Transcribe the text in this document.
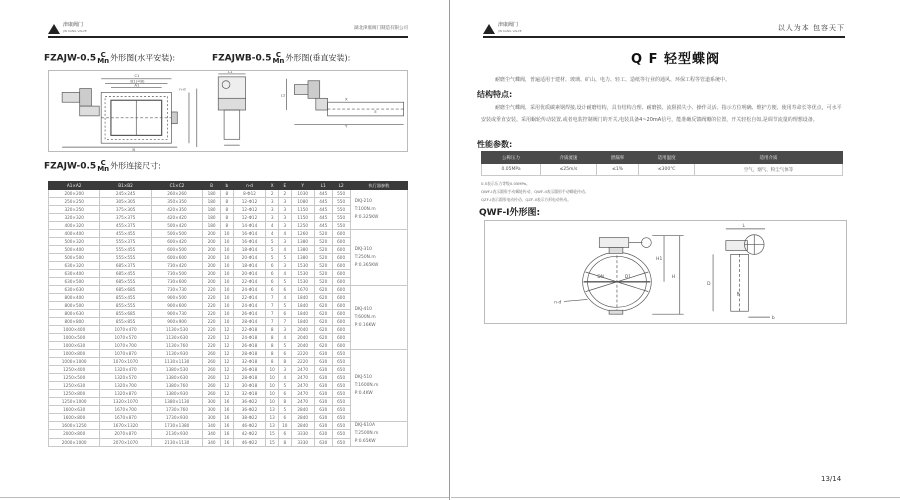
津康阀门
JIN KANG VALVE	湖北津康阀门制造有限公司
FZAJW-0.5 C
Mn 外形图(水平安装):	FZAJWB-0.5 C
Mn 外形图(垂直安装):
C1
B1(∞B)
A1
n-d
B
L1
L2
Y
X
E
FZAJW-0.5 C
Mn 外形连接尺寸:
A1×A2	B1×B2	C1×C2	B	b	n-d	X	E	Y	L1	L2	执行器参数
200×200	245×245	260×260	180	8	8-Φ12	2	2	1030	445	550	DKJ-210
T:100N.m
P:0.325KW

250×250	305×305	350×350	180	8	12-Φ12	3	3	1080	445	550	
320×250	375×305	420×350	180	8	12-Φ12	3	3	1150	445	550	
320×320	375×375	420×420	180	8	12-Φ12	3	3	1150	445	550	
400×320	455×375	500×420	180	8	14-Φ14	4	3	1250	445	550	
400×400	455×455	500×500	200	10	16-Φ14	4	4	1260	520	600	DKJ-310
T:250N.m
P:0.365KW

500×320	555×375	600×420	200	10	16-Φ14	5	3	1380	520	600	
500×400	555×455	600×500	200	10	18-Φ14	5	4	1380	520	600	
500×500	555×555	600×600	200	10	20-Φ14	5	5	1380	520	600	
630×320	685×375	730×420	200	10	18-Φ14	6	3	1530	520	600	
630×400	685×455	730×500	200	10	20-Φ14	6	4	1530	520	600	
630×500	685×555	730×600	200	10	22-Φ14	6	5	1530	520	600	
630×630	685×685	730×730	220	10	24-Φ14	6	6	1670	620	600	DKJ-410
T:600N.m
P:0.16KW

800×400	855×455	900×500	220	10	22-Φ14	7	4	1840	620	600	
800×500	855×555	900×600	220	10	24-Φ14	7	5	1840	620	600	
800×630	855×685	900×730	220	10	26-Φ14	7	6	1840	620	600	
800×800	855×855	900×900	220	10	28-Φ14	7	7	1840	620	600	
1000×400	1070×470	1130×530	220	12	22-Φ18	8	3	2040	620	600	
1000×500	1070×570	1130×630	220	12	24-Φ18	8	4	2040	620	600	
1000×630	1070×700	1130×760	220	12	26-Φ18	8	5	2040	620	600	
1000×800	1070×870	1130×930	260	12	28-Φ18	8	6	2220	630	650	DKJ-510
T:1600N.m
P:0.4KW

1000×1000	1070×1070	1130×1130	260	12	32-Φ18	8	8	2220	630	650	
1250×400	1320×470	1380×530	260	12	26-Φ18	10	3	2470	630	650	
1250×500	1320×570	1380×630	260	12	28-Φ18	10	4	2470	630	650	
1250×630	1320×700	1380×760	260	12	30-Φ18	10	5	2470	630	650	
1250×800	1320×870	1380×930	260	12	32-Φ18	10	6	2470	630	650	
1250×1000	1320×1070	1380×1130	300	16	36-Φ22	10	8	2470	630	650	
1600×630	1670×700	1730×760	300	16	36-Φ22	13	5	2840	630	650	
1600×800	1670×870	1730×930	300	16	38-Φ22	13	6	2840	630	650	
1600×1250	1670×1320	1730×1380	340	16	46-Φ22	13	10	2840	630	650	DKJ-610A
T:2500N.m
P:0.65KW

2000×800	2070×870	2130×930	340	16	42-Φ22	15	6	3330	630	650	
2000×1000	2070×1070	2130×1130	340	16	46-Φ22	15	8	3330	630	650	
津康阀门
JIN KANG VALVE	以人为本 包容天下
Q F 轻型蝶阀
耐磨尘气蝶阀，普遍适用于建材、玻璃、矿山、电力、轻工、造纸等行业的通风、环保工程等管道系统中。
结构特点:
耐磨尘气蝶阀，采用优质碳素钢焊接,设计耐磨结构，具有结构合理、耐磨损、流阻损失小、操作灵活、指示方位明确、维护方便、使用寿命长等优点，可水平安装或垂直安装。采用蜗轮传动装置,或者电装控制阀门的开关,电装具备4~20mA信号，能准确反馈阀瓣的位置，开关轻松自如,是调节流量的理想设备。
性能参数:
公称压力	介质流速	泄漏率	适用温度	适用介质
0.05MPa	≤25m/s	≤1%	≤300℃	空气、烟气、粉尘气体等
0.5表示压力等级0.05MPa。
QWF-I表示圆形手动蜗轮传动、QWF-II表示圆形手动蜗轮传动。
QZF-I表示圆形电动传动、QZF-II表示方形电动传动。
QWF-Ⅰ外形图:
DN	D1
n-d
H1
H
L
D
B
b
13/14
